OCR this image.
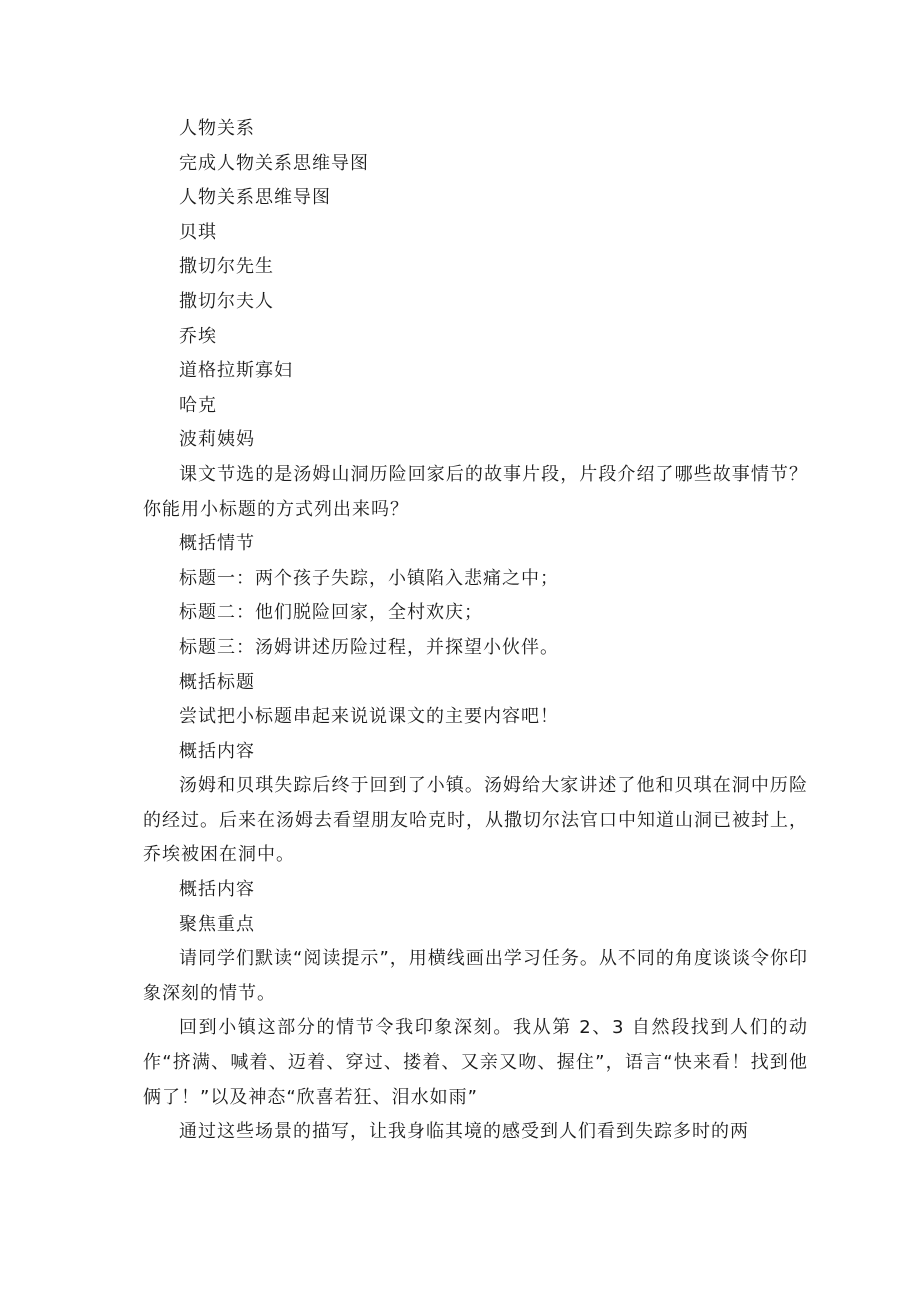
人物关系

完成人物关系思维导图

人物关系思维导图

贝琪

撒切尔先生

撒切尔夫人

乔埃

道格拉斯寡妇

哈克

波莉姨妈

课文节选的是汤姆山洞历险回家后的故事片段，片段介绍了哪些故事情节？你能用小标题的方式列出来吗？

概括情节

标题一：两个孩子失踪，小镇陷入悲痛之中；

标题二：他们脱险回家，全村欢庆；

标题三：汤姆讲述历险过程，并探望小伙伴。

概括标题

尝试把小标题串起来说说课文的主要内容吧！

概括内容

汤姆和贝琪失踪后终于回到了小镇。汤姆给大家讲述了他和贝琪在洞中历险的经过。后来在汤姆去看望朋友哈克时，从撒切尔法官口中知道山洞已被封上，乔埃被困在洞中。

概括内容

聚焦重点

请同学们默读“阅读提示”，用横线画出学习任务。从不同的角度谈谈令你印象深刻的情节。

回到小镇这部分的情节令我印象深刻。我从第 2、3 自然段找到人们的动作“挤满、喊着、迈着、穿过、搂着、又亲又吻、握住”，语言“快来看！找到他俩了！”以及神态“欣喜若狂、泪水如雨”

通过这些场景的描写，让我身临其境的感受到人们看到失踪多时的两
